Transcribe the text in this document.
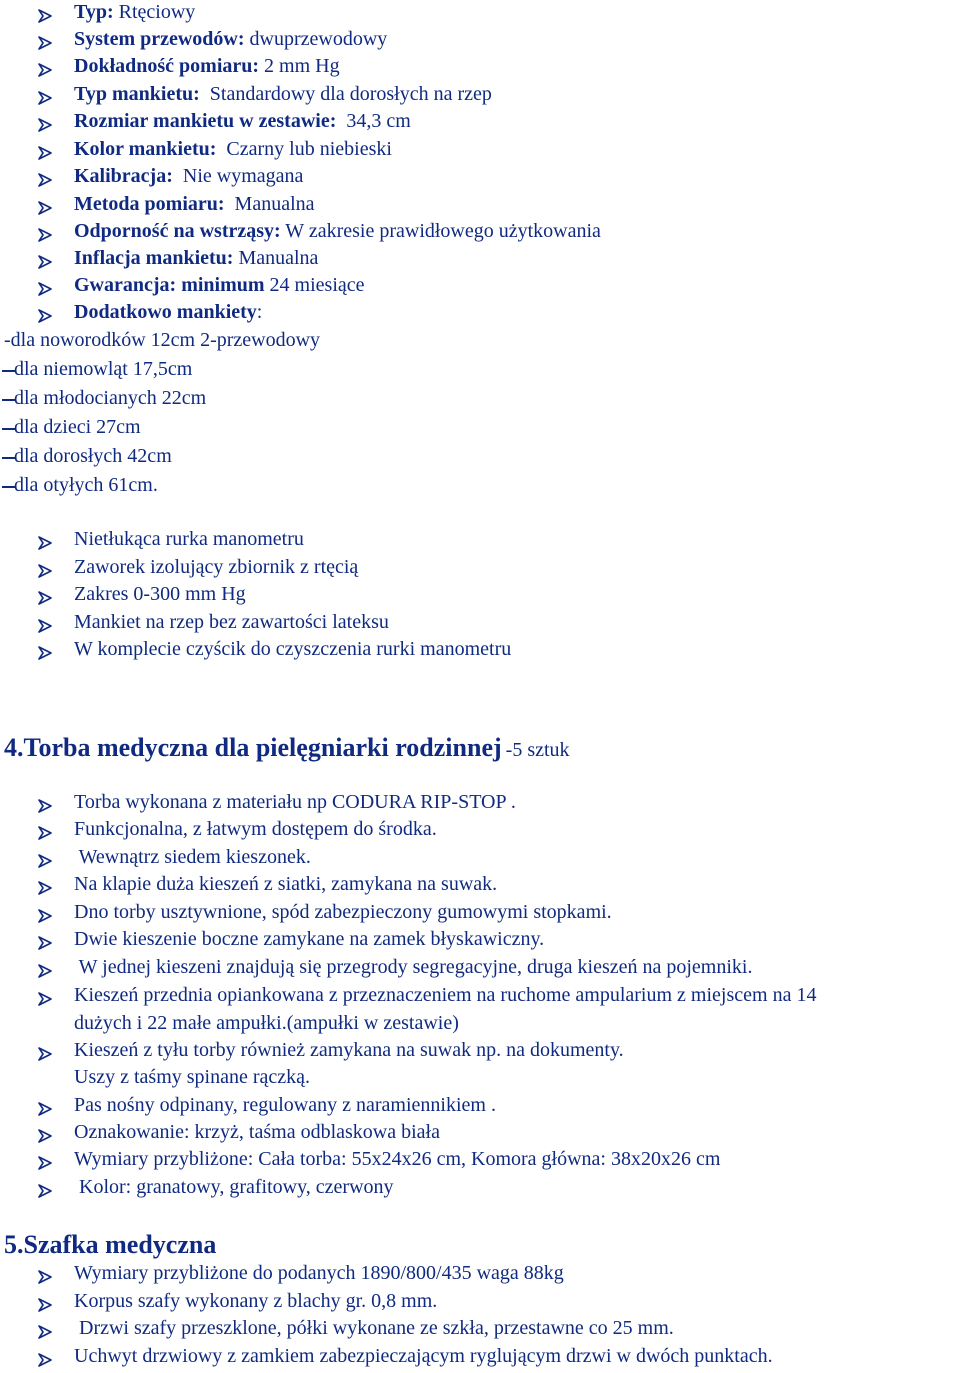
Typ: Rtęciowy
System przewodów: dwuprzewodowy
Dokładność pomiaru: 2 mm Hg
Typ mankietu:  Standardowy dla dorosłych na rzep
Rozmiar mankietu w zestawie:  34,3 cm
Kolor mankietu:  Czarny lub niebieski
Kalibracja:  Nie wymagana
Metoda pomiaru:  Manualna
Odporność na wstrząsy: W zakresie prawidłowego użytkowania
Inflacja mankietu: Manualna
Gwarancja: minimum 24 miesiące
Dodatkowo mankiety:
-dla noworodków 12cm 2-przewodowy
dla niemowląt 17,5cm
dla młodocianych 22cm
dla dzieci 27cm
dla dorosłych 42cm
dla otyłych 61cm.
Nietłukąca rurka manometru
Zaworek izolujący zbiornik z rtęcią
Zakres 0-300 mm Hg
Mankiet na rzep bez zawartości lateksu
W komplecie czyścik do czyszczenia rurki manometru
4.Torba medyczna dla pielęgniarki rodzinnej -5 sztuk
Torba wykonana z materiału np CODURA RIP-STOP .
Funkcjonalna, z łatwym dostępem do środka.
Wewnątrz siedem kieszonek.
Na klapie duża kieszeń z siatki, zamykana na suwak.
Dno torby usztywnione, spód zabezpieczony gumowymi stopkami.
Dwie kieszenie boczne zamykane na zamek błyskawiczny.
W jednej kieszeni znajdują się przegrody segregacyjne, druga kieszeń na pojemniki.
Kieszeń przednia opiankowana z przeznaczeniem na ruchome ampularium z miejscem na 14
dużych i 22 małe ampułki.(ampułki w zestawie)
Kieszeń z tyłu torby również zamykana na suwak np. na dokumenty.
Uszy z taśmy spinane rączką.
Pas nośny odpinany, regulowany z naramiennikiem .
Oznakowanie: krzyż, taśma odblaskowa biała
Wymiary przybliżone: Cała torba: 55x24x26 cm, Komora główna: 38x20x26 cm
Kolor: granatowy, grafitowy, czerwony
5.Szafka medyczna
Wymiary przybliżone do podanych 1890/800/435 waga 88kg
Korpus szafy wykonany z blachy gr. 0,8 mm.
Drzwi szafy przeszklone, półki wykonane ze szkła, przestawne co 25 mm.
Uchwyt drzwiowy z zamkiem zabezpieczającym ryglującym drzwi w dwóch punktach.
